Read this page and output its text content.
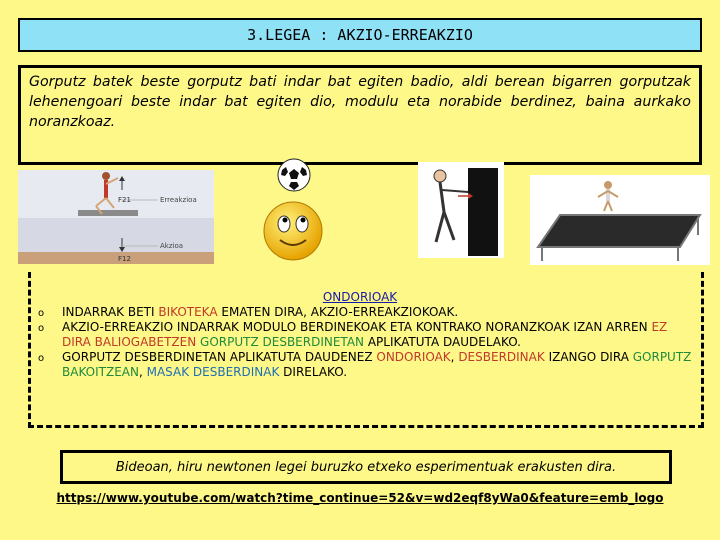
3.LEGEA : AKZIO-ERREAKZIO
Gorputz batek beste gorputz bati indar bat egiten badio, aldi berean bigarren gorputzak lehenengoari beste indar bat egiten dio, modulu eta norabide berdinez, baina aurkako noranzkoaz.
F21	Erreakzioa
F12
Akzioa
ONDORIOAK
o INDARRAK BETI BIKOTEKA EMATEN DIRA, AKZIO-ERREAKZIOKOAK.
o AKZIO-ERREAKZIO INDARRAK MODULO BERDINEKOAK ETA KONTRAKO NORANZKOAK IZAN ARREN EZ DIRA BALIOGABETZEN GORPUTZ DESBERDINETAN APLIKATUTA DAUDELAKO.
o GORPUTZ DESBERDINETAN APLIKATUTA DAUDENEZ ONDORIOAK, DESBERDINAK IZANGO DIRA GORPUTZ BAKOITZEAN, MASAK DESBERDINAK DIRELAKO.
Bideoan, hiru newtonen legei buruzko etxeko esperimentuak erakusten dira.
https://www.youtube.com/watch?time_continue=52&v=wd2eqf8yWa0&feature=emb_logo
